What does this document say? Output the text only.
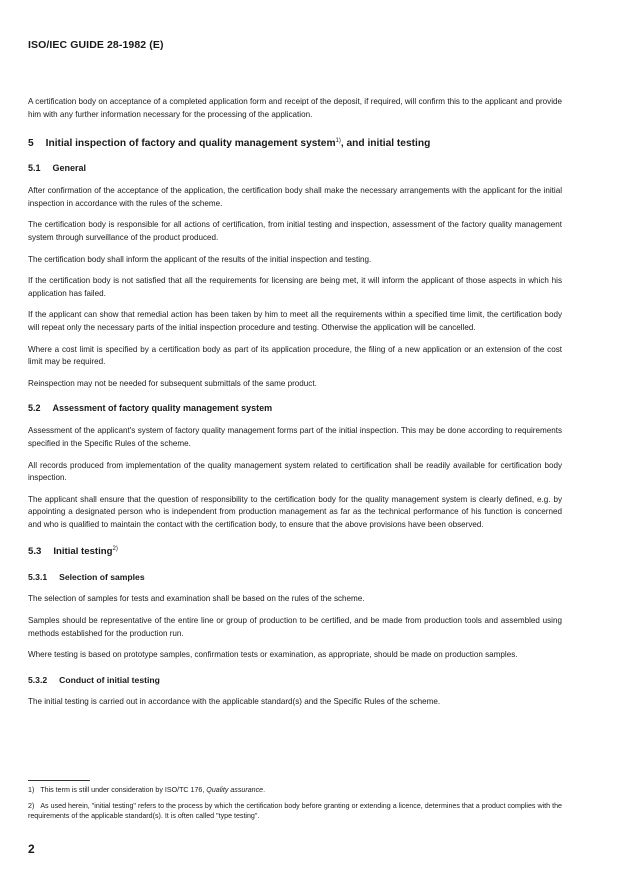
ISO/IEC GUIDE 28-1982 (E)

A certification body on acceptance of a completed application form and receipt of the deposit, if required, will confirm this to the applicant and provide him with any further information necessary for the processing of the application.

5 Initial inspection of factory and quality management system$^{1)}$, and initial testing
5.1 General

After confirmation of the acceptance of the application, the certification body shall make the necessary arrangements with the applicant for the initial inspection in accordance with the rules of the scheme.

The certification body is responsible for all actions of certification, from initial testing and inspection, assessment of the factory quality management system through surveillance of the product produced.

The certification body shall inform the applicant of the results of the initial inspection and testing.

If the certification body is not satisfied that all the requirements for licensing are being met, it will inform the applicant of those aspects in which his application has failed.

If the applicant can show that remedial action has been taken by him to meet all the requirements within a specified time limit, the certification body will repeat only the necessary parts of the initial inspection procedure and testing. Otherwise the application will be cancelled.

Where a cost limit is specified by a certification body as part of its application procedure, the filing of a new application or an extension of the cost limit may be required.

Reinspection may not be needed for subsequent submittals of the same product.

5.2 Assessment of factory quality management system

Assessment of the applicant's system of factory quality management forms part of the initial inspection. This may be done according to requirements specified in the Specific Rules of the scheme.

All records produced from implementation of the quality management system related to certification shall be readily available for certification body inspection.

The applicant shall ensure that the question of responsibility to the certification body for the quality management system is clearly defined, e.g. by appointing a designated person who is independent from production management as far as the technical performance of his function is concerned and who is qualified to maintain the contact with the certification body, to ensure that the above provisions have been observed.

5.3 Initial testing$^{2)}$
5.3.1 Selection of samples

The selection of samples for tests and examination shall be based on the rules of the scheme.

Samples should be representative of the entire line or group of production to be certified, and be made from production tools and assembled using methods established for the production run.

Where testing is based on prototype samples, confirmation tests or examination, as appropriate, should be made on production samples.

5.3.2 Conduct of initial testing

The initial testing is carried out in accordance with the applicable standard(s) and the Specific Rules of the scheme.

1) This term is still under consideration by ISO/TC 176, Quality assurance.
2) As used herein, "initial testing" refers to the process by which the certification body before granting or extending a licence, determines that a product complies with the requirements of the applicable standard(s). It is often called "type testing".
2
